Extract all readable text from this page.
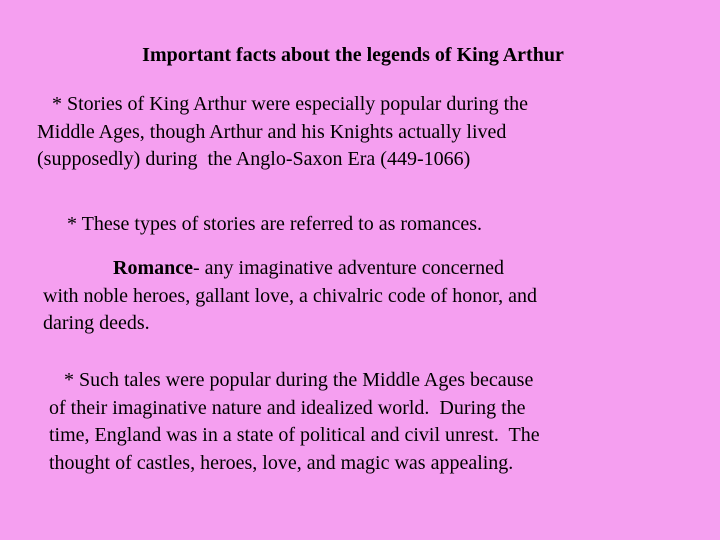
Important facts about the legends of King Arthur
* Stories of King Arthur were especially popular during the
Middle Ages, though Arthur and his Knights actually lived
(supposedly) during  the Anglo-Saxon Era (449-1066)
* These types of stories are referred to as romances.
Romance- any imaginative adventure concerned
with noble heroes, gallant love, a chivalric code of honor, and
daring deeds.
* Such tales were popular during the Middle Ages because
of their imaginative nature and idealized world.  During the
time, England was in a state of political and civil unrest.  The
thought of castles, heroes, love, and magic was appealing.
